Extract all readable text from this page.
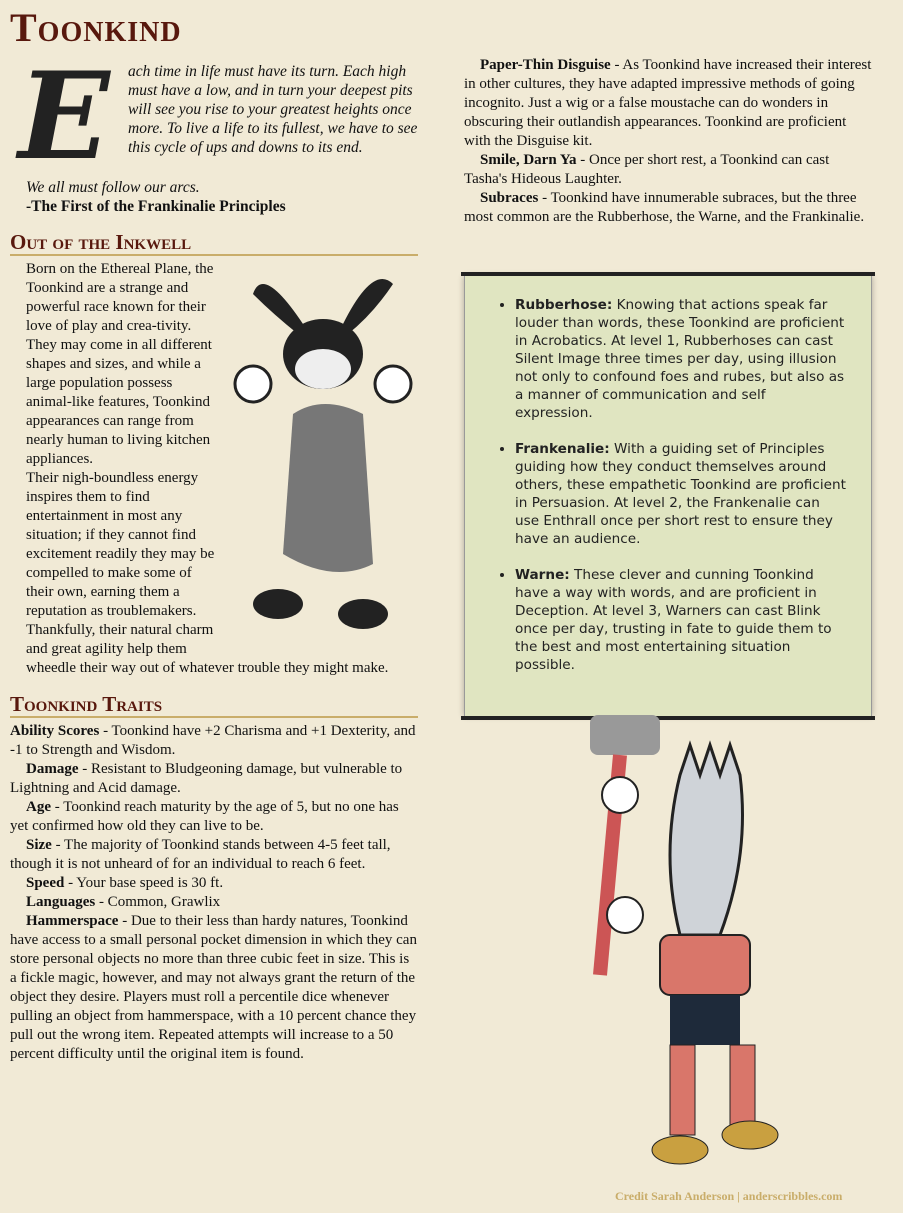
Toonkind
E	ach time in life must have its turn. Each high must have a low, and in turn your deepest pits will see you rise to your greatest heights once more. To live a life to its fullest, we have to see this cycle of ups and downs to its end.
We all must follow our arcs.
-The First of the Frankinalie Principles
Out of the Inkwell

Born on the Ethereal Plane, the Toonkind are a strange and powerful race known for their love of play and crea-tivity. They may come in all different shapes and sizes, and while a large population possess animal-like features, Toonkind appearances can range from nearly human to living kitchen appliances.

Their nigh-boundless energy inspires them to find entertainment in most any situation; if they cannot find excitement readily they may be compelled to make some of their own, earning them a reputation as troublemakers. Thankfully, their natural charm and great agility help them wheedle their way out of whatever trouble they might make.

Toonkind Traits

Ability Scores - Toonkind have +2 Charisma and +1 Dexterity, and -1 to Strength and Wisdom.

Damage - Resistant to Bludgeoning damage, but vulnerable to Lightning and Acid damage.

Age - Toonkind reach maturity by the age of 5, but no one has yet confirmed how old they can live to be.

Size - The majority of Toonkind stands between 4-5 feet tall, though it is not unheard of for an individual to reach 6 feet.

Speed - Your base speed is 30 ft.

Languages - Common, Grawlix

Hammerspace - Due to their less than hardy natures, Toonkind have access to a small personal pocket dimension in which they can store personal objects no more than three cubic feet in size. This is a fickle magic, however, and may not always grant the return of the object they desire. Players must roll a percentile dice whenever pulling an object from hammerspace, with a 10 percent chance they pull out the wrong item. Repeated attempts will increase to a 50 percent difficulty until the original item is found.

Paper-Thin Disguise - As Toonkind have increased their interest in other cultures, they have adapted impressive methods of going incognito. Just a wig or a false moustache can do wonders in obscuring their outlandish appearances. Toonkind are proficient with the Disguise kit.

Smile, Darn Ya - Once per short rest, a Toonkind can cast Tasha's Hideous Laughter.

Subraces - Toonkind have innumerable subraces, but the three most common are the Rubberhose, the Warne, and the Frankinalie.

• Rubberhose: Knowing that actions speak far louder than words, these Toonkind are proficient in Acrobatics. At level 1, Rubberhoses can cast Silent Image three times per day, using illusion not only to confound foes and rubes, but also as a manner of communication and self expression.
• Frankenalie: With a guiding set of Principles guiding how they conduct themselves around others, these empathetic Toonkind are proficient in Persuasion. At level 2, the Frankenalie can use Enthrall once per short rest to ensure they have an audience.
• Warne: These clever and cunning Toonkind have a way with words, and are proficient in Deception. At level 3, Warners can cast Blink once per day, trusting in fate to guide them to the best and most entertaining situation possible.
Credit Sarah Anderson | anderscribbles.com
